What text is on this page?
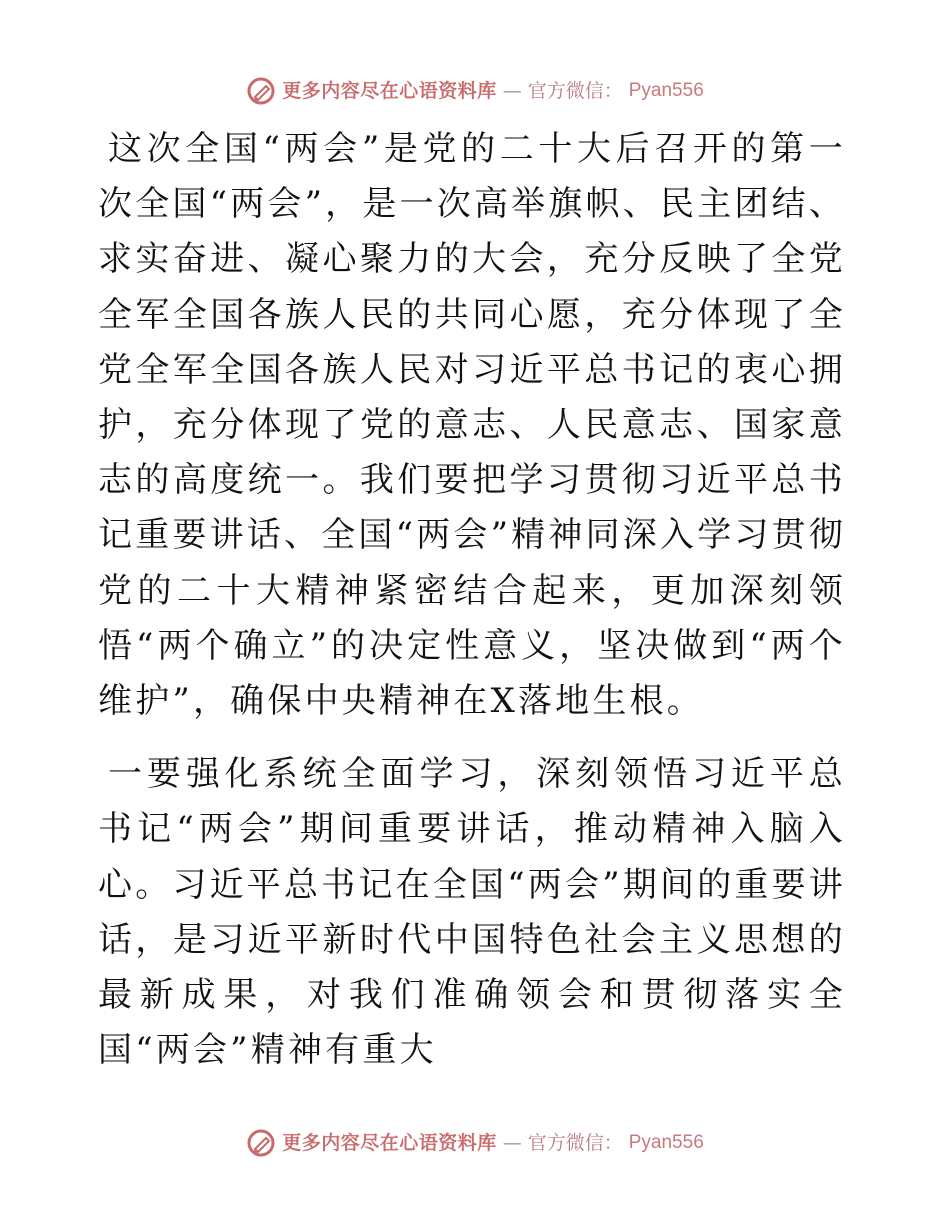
更多内容尽在心语资料库 — 官方微信： Pyan556

这次全国“两会”是党的二十大后召开的第一次全国“两会”，是一次高举旗帜、民主团结、求实奋进、凝心聚力的大会，充分反映了全党全军全国各族人民的共同心愿，充分体现了全党全军全国各族人民对习近平总书记的衷心拥护，充分体现了党的意志、人民意志、国家意志的高度统一。我们要把学习贯彻习近平总书记重要讲话、全国“两会”精神同深入学习贯彻党的二十大精神紧密结合起来，更加深刻领悟“两个确立”的决定性意义，坚决做到“两个维护”，确保中央精神在X落地生根。

一要强化系统全面学习，深刻领悟习近平总书记“两会”期间重要讲话，推动精神入脑入心。习近平总书记在全国“两会”期间的重要讲话，是习近平新时代中国特色社会主义思想的最新成果，对我们准确领会和贯彻落实全国“两会”精神有重大

更多内容尽在心语资料库 — 官方微信： Pyan556
